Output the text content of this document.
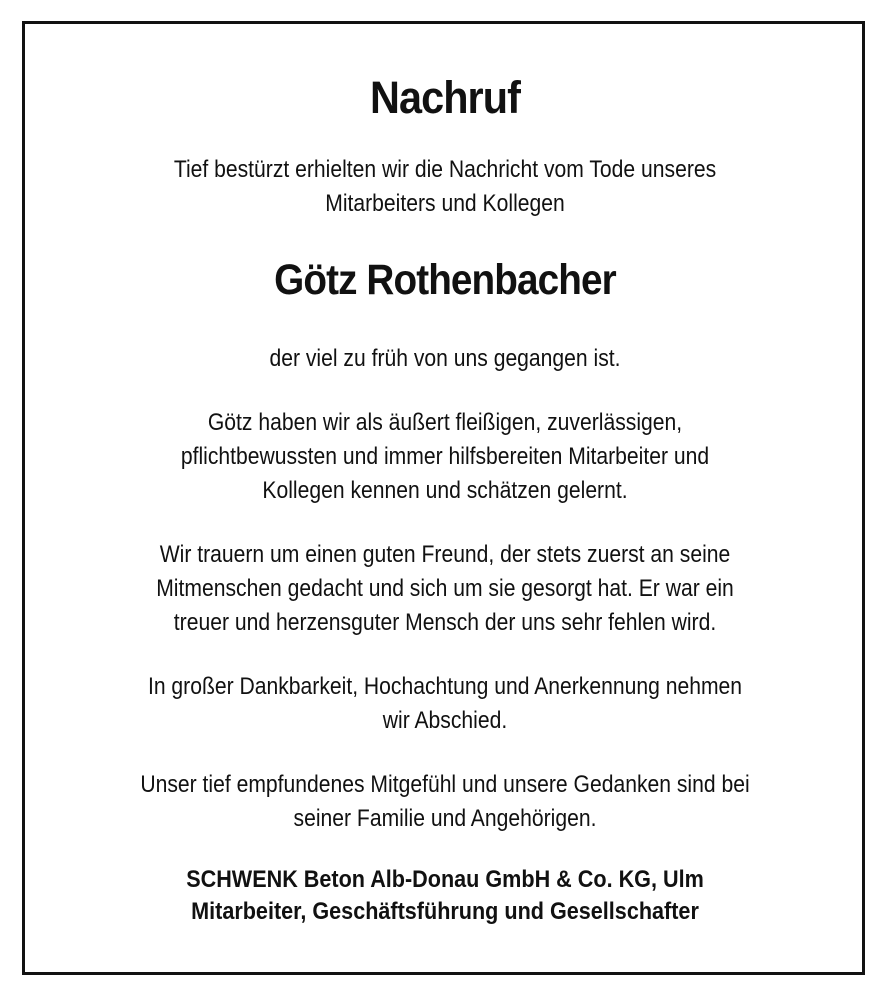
Nachruf
Tief bestürzt erhielten wir die Nachricht vom Tode unseres
Mitarbeiters und Kollegen
Götz Rothenbacher
der viel zu früh von uns gegangen ist.
Götz haben wir als äußert fleißigen, zuverlässigen,
pflichtbewussten und immer hilfsbereiten Mitarbeiter und
Kollegen kennen und schätzen gelernt.
Wir trauern um einen guten Freund, der stets zuerst an seine
Mitmenschen gedacht und sich um sie gesorgt hat. Er war ein
treuer und herzensguter Mensch der uns sehr fehlen wird.
In großer Dankbarkeit, Hochachtung und Anerkennung nehmen
wir Abschied.
Unser tief empfundenes Mitgefühl und unsere Gedanken sind bei
seiner Familie und Angehörigen.
SCHWENK Beton Alb-Donau GmbH & Co. KG, Ulm
Mitarbeiter, Geschäftsführung und Gesellschafter
